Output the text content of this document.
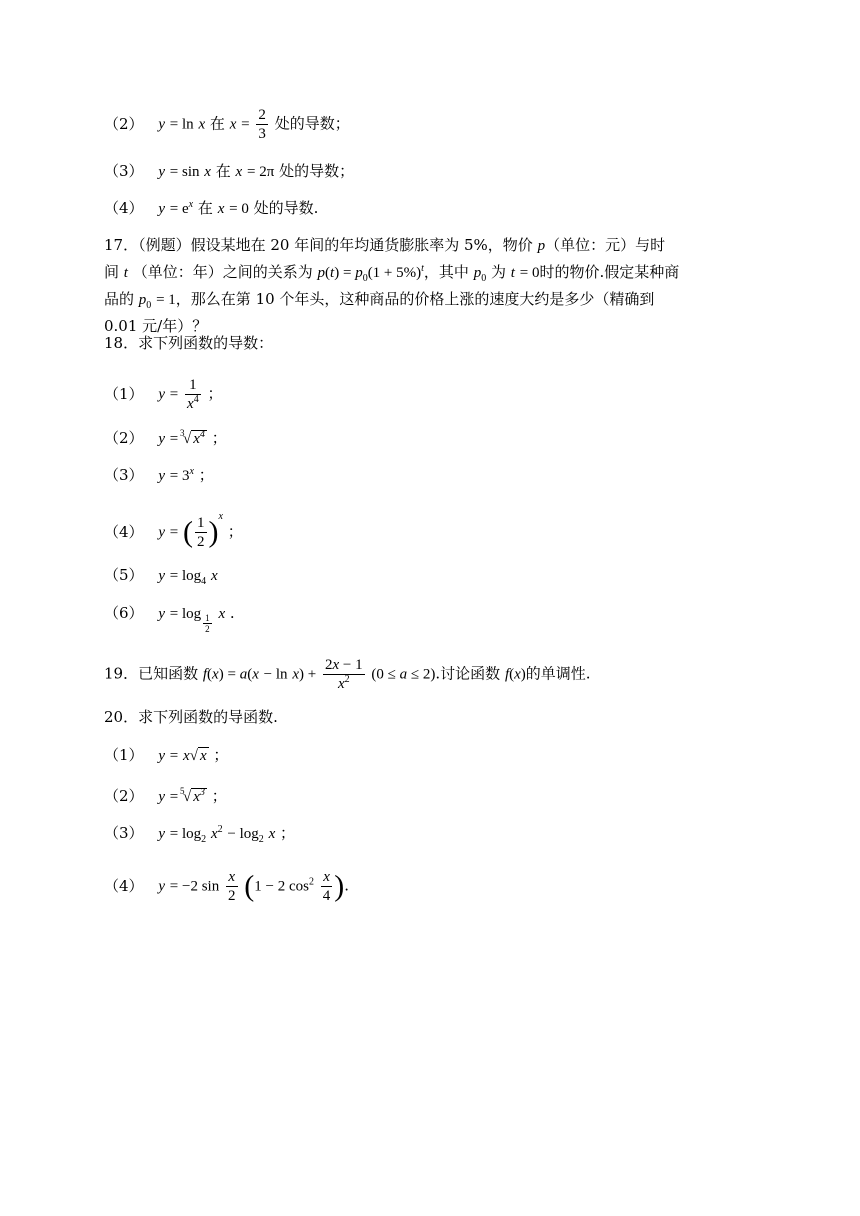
（2） y = ln x 在 $x = \frac{2}{3}$ 处的导数；
（3） y = sin x 在 x = 2π 处的导数；
（4） $y = e^x$ 在 x = 0 处的导数.
17．（例题）假设某地在 20 年间的年均通货膨胀率为 5%，物价 p（单位：元）与时
间 t （单位：年）之间的关系为 $p(t) = p_0(1 + 5\%)^t$，其中 $p_0$ 为 t = 0时的物价.假定某种商
品的 $p_0 = 1$，那么在第 10 个年头，这种商品的价格上涨的速度大约是多少（精确到
0.01 元/年）？
18．求下列函数的导数：
（1） $y = \frac{1}{x^4}$ ；
（2） y = 3
√ $x^4$ ；
（3） $y = 3^x$ ；
（4） y = ( $\frac{1}{2} )^x$ ；
（5） $y = \log_4 x$
（6） $y = \log \frac{1}{2}$ x .
19．已知函数 $f(x) = a(x - \ln x) + \frac{2x - 1}{x^2} (0 \le a \le 2)$.讨论函数 f(x)的单调性.
20．求下列函数的导函数.
（1） y = x√ x ；
（2） y = 5
√ $x^3$ ；
（3） $y = \log_2 x^2 - \log_2 x$ ；
（4） y = −2 $\sin \frac{x}{2} (1 - 2$ $\cos^2 \frac{x}{4}$ ).
